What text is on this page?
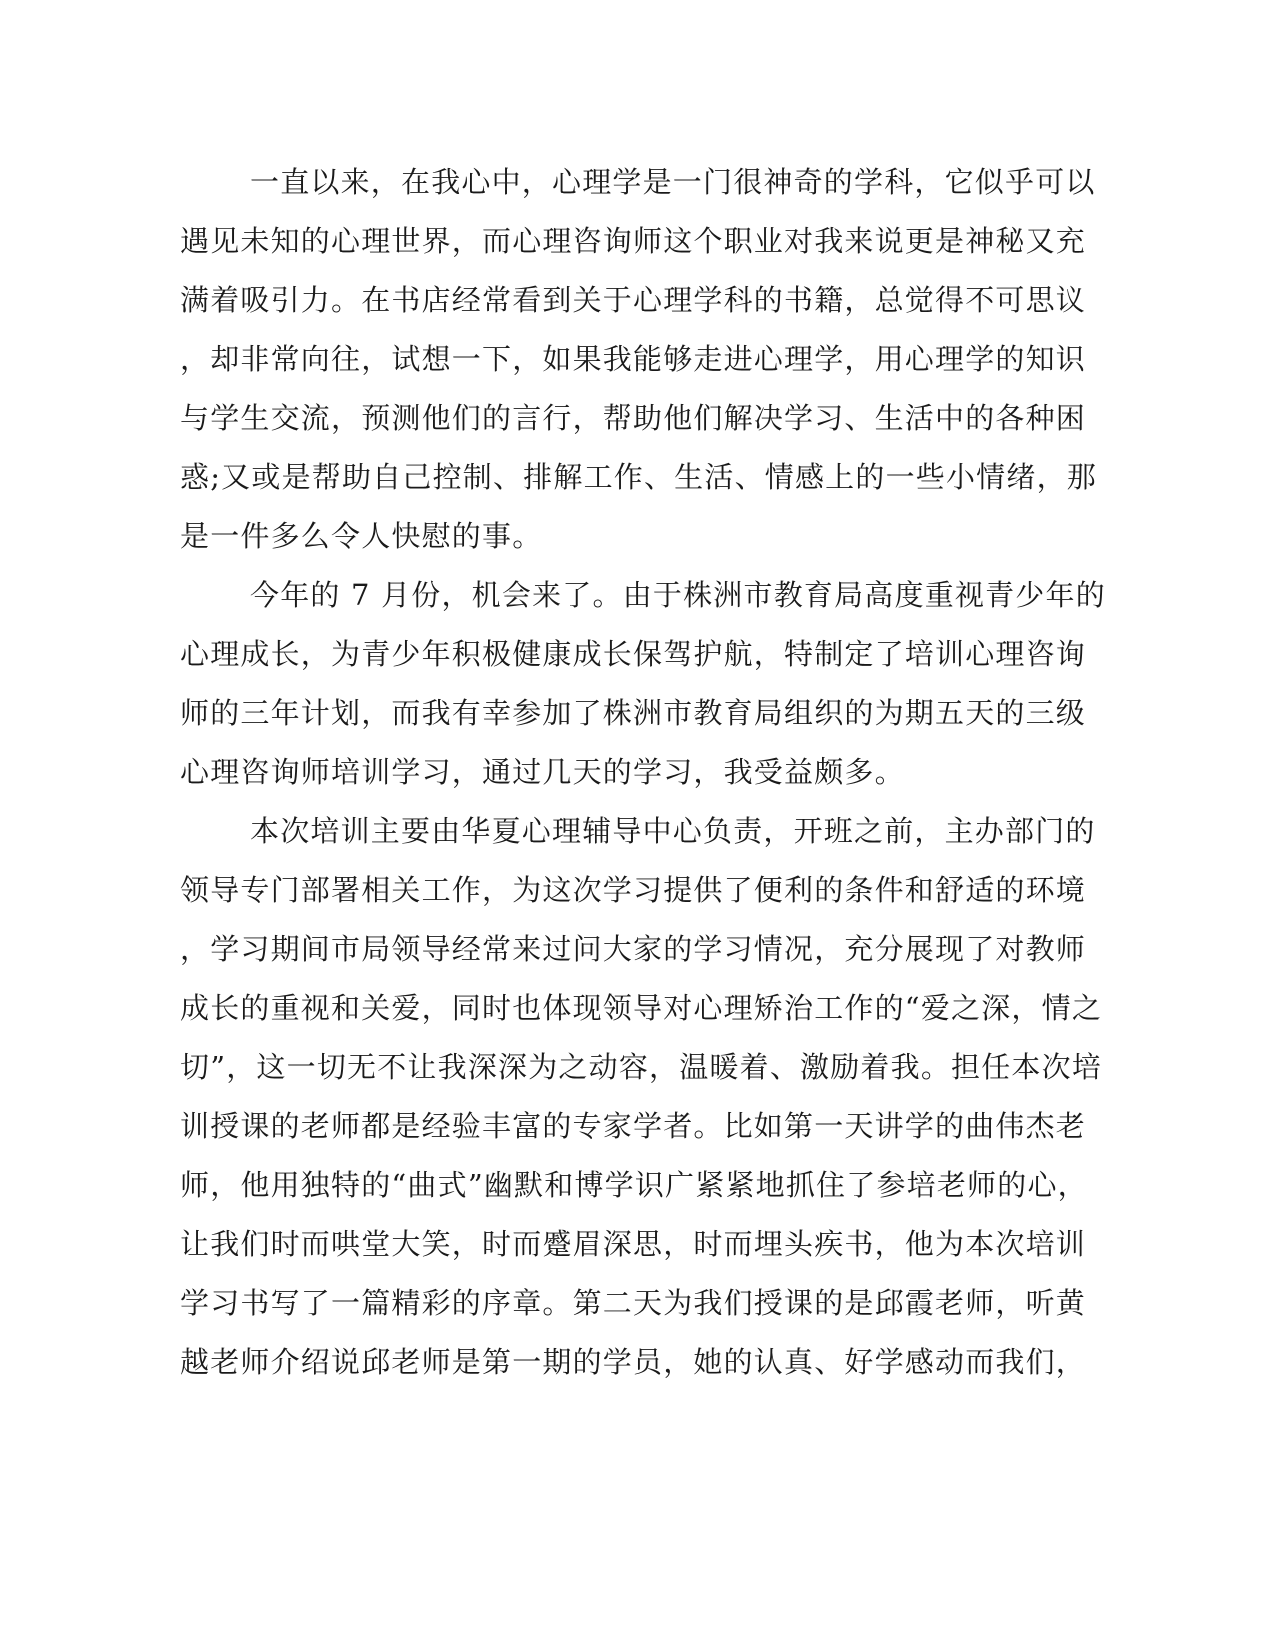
一直以来，在我心中，心理学是一门很神奇的学科，它似乎可以
遇见未知的心理世界，而心理咨询师这个职业对我来说更是神秘又充
满着吸引力。在书店经常看到关于心理学科的书籍，总觉得不可思议
，却非常向往，试想一下，如果我能够走进心理学，用心理学的知识
与学生交流，预测他们的言行，帮助他们解决学习、生活中的各种困
惑;又或是帮助自己控制、排解工作、生活、情感上的一些小情绪，那
是一件多么令人快慰的事。
今年的 7 月份，机会来了。由于株洲市教育局高度重视青少年的
心理成长，为青少年积极健康成长保驾护航，特制定了培训心理咨询
师的三年计划，而我有幸参加了株洲市教育局组织的为期五天的三级
心理咨询师培训学习，通过几天的学习，我受益颇多。
本次培训主要由华夏心理辅导中心负责，开班之前，主办部门的
领导专门部署相关工作，为这次学习提供了便利的条件和舒适的环境
，学习期间市局领导经常来过问大家的学习情况，充分展现了对教师
成长的重视和关爱，同时也体现领导对心理矫治工作的“爱之深，情之
切”，这一切无不让我深深为之动容，温暖着、激励着我。担任本次培
训授课的老师都是经验丰富的专家学者。比如第一天讲学的曲伟杰老
师，他用独特的“曲式”幽默和博学识广紧紧地抓住了参培老师的心，
让我们时而哄堂大笑，时而蹙眉深思，时而埋头疾书，他为本次培训
学习书写了一篇精彩的序章。第二天为我们授课的是邱霞老师，听黄
越老师介绍说邱老师是第一期的学员，她的认真、好学感动而我们，
